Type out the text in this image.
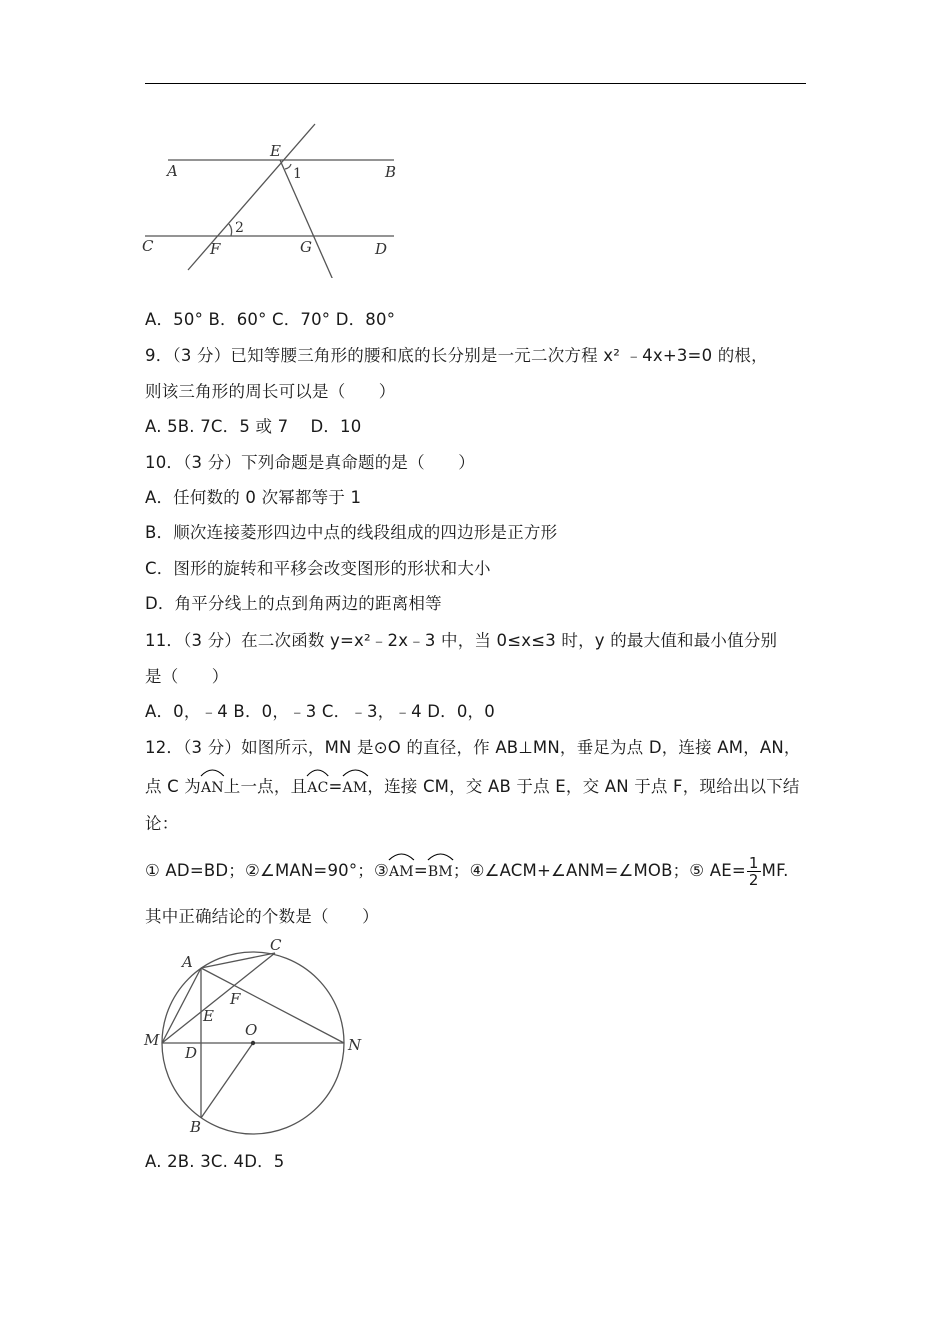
A
E
B
1
2
C	F	G	D
A．50° B．60° C．70° D．80°
9．（3 分）已知等腰三角形的腰和底的长分别是一元二次方程 x² ﹣4x+3=0 的根，
则该三角形的周长可以是（　　）
A. 5B. 7C．5 或 7　 D．10
10．（3 分）下列命题是真命题的是（　　）
A．任何数的 0 次幂都等于 1
B．顺次连接菱形四边中点的线段组成的四边形是正方形
C．图形的旋转和平移会改变图形的形状和大小
D．角平分线上的点到角两边的距离相等
11．（3 分）在二次函数 y=x²﹣2x﹣3 中，当 0≤x≤3 时，y 的最大值和最小值分别
是（　　）
A．0，﹣4 B．0，﹣3 C．﹣3，﹣4 D．0，0
12．（3 分）如图所示，MN 是⊙O 的直径，作 AB⊥MN，垂足为点 D，连接 AM，AN，
点 C 为
AN上一点，且
AC=
AM，连接 CM，交 AB 于点 E，交 AN 于点 F，现给出以下结
论：
① AD=BD；②∠MAN=90°；③
AM=
BM；④∠ACM+∠ANM=∠MOB；⑤ $AE= \frac{1}{2}$ MF.
其中正确结论的个数是（　　）
A
C
F
E
O
M
D	N
B
A. 2B. 3C. 4D．5
